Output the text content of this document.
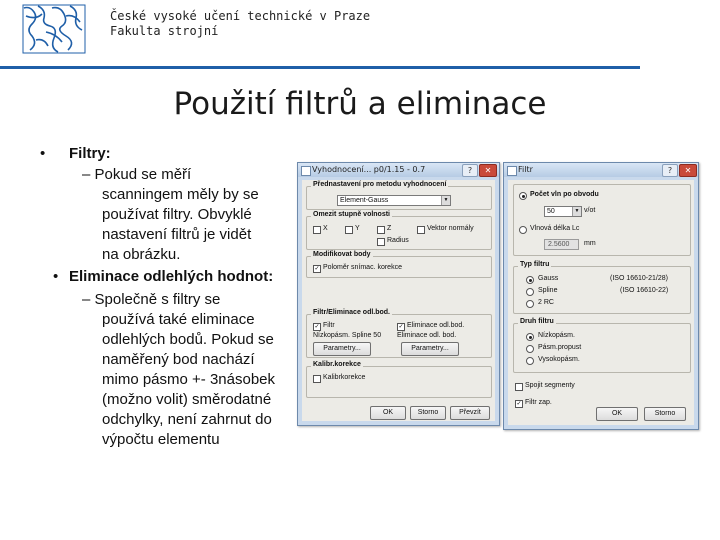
České vysoké učení technické v Praze
Fakulta strojní
Použití filtrů a eliminace
• Filtry:
– Pokud se měří
scanningem měly by se
používat filtry. Obvyklé
nastavení filtrů je vidět
na obrázku.
• Eliminace odlehlých hodnot:
– Společně s filtry se
používá také eliminace
odlehlých bodů. Pokud se
naměřený bod nachází
mimo pásmo +- 3násobek
(možno volit) směrodatné
odchylky, není zahrnut do
výpočtu elementu
Vyhodnocení... p0/1.15 - 0.7	?	✕
Přednastavení pro metodu vyhodnocení
Element-Gauss	▼
Omezit stupně volnosti
X	Y	Z	Vektor normály
Radius
Modifikovat body
✓ Poloměr snímac. korekce
Filtr/Eliminace odl.bod.
✓ Filtr
Nízkopásm. Spline 50
Parametry...
✓ Eliminace odl.bod.
Eliminace odl. bod.
Parametry...
Kalibr.korekce
Kalibrkorekce
OK	Storno	Převzít
Filtr	?	✕
Počet vln po obvodu
50	▼ v/ot
Vlnová délka Lc
2.5600	mm
Typ filtru
Gauss	(ISO 16610-21/28)
Spline	(ISO 16610-22)
2 RC
Druh filtru
Nízkopásm.
Pásm.propust
Vysokopásm.
Spojit segmenty
✓ Filtr zap.
OK	Storno
